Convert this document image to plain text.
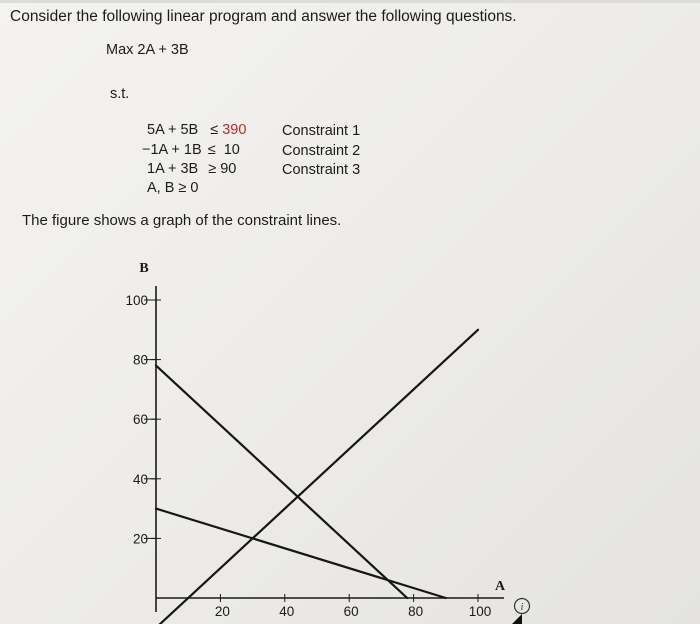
Consider the following linear program and answer the following questions.
Max 2A + 3B
s.t.
5A + 5B ≤ 390 Constraint 1
−1A + 1B ≤ 10	Constraint 2
1A + 3B ≥ 90	Constraint 3
A, B ≥ 0
The figure shows a graph of the constraint lines.
20
40
60
80
100
20	40	60	80	100
B
A
i
